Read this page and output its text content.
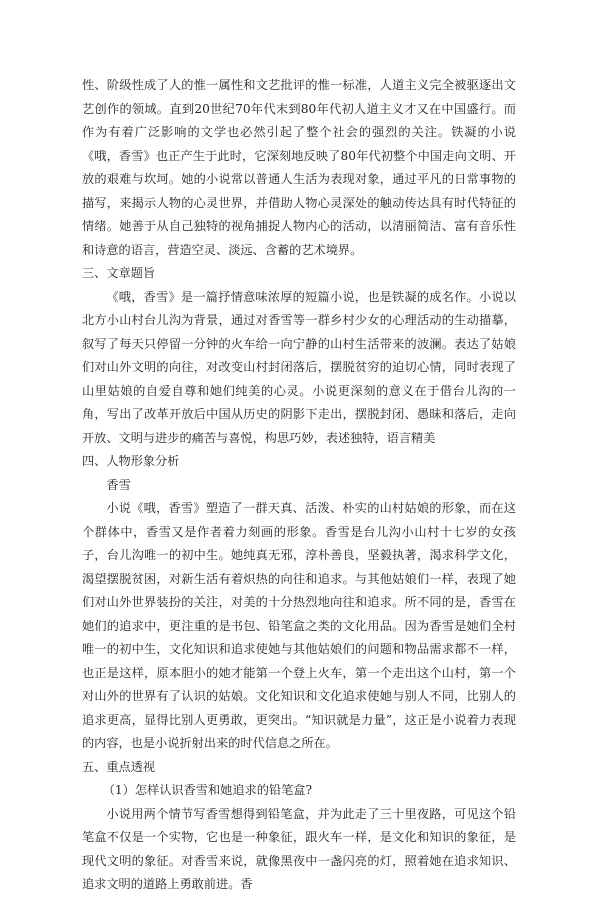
性、阶级性成了人的惟一属性和文艺批评的惟一标准，人道主义完全被驱逐出文艺创作的领域。直到20世纪70年代末到80年代初人道主义才又在中国盛行。而作为有着广泛影响的文学也必然引起了整个社会的强烈的关注。铁凝的小说《哦，香雪》也正产生于此时，它深刻地反映了80年代初整个中国走向文明、开放的艰难与坎坷。她的小说常以普通人生活为表现对象，通过平凡的日常事物的描写，来揭示人物的心灵世界，并借助人物心灵深处的触动传达具有时代特征的情绪。她善于从自己独特的视角捕捉人物内心的活动，以清丽简洁、富有音乐性和诗意的语言，营造空灵、淡远、含蓄的艺术境界。

三、文章题旨

《哦，香雪》是一篇抒情意味浓厚的短篇小说，也是铁凝的成名作。小说以北方小山村台儿沟为背景，通过对香雪等一群乡村少女的心理活动的生动描摹，叙写了每天只停留一分钟的火车给一向宁静的山村生活带来的波澜。表达了姑娘们对山外文明的向往，对改变山村封闭落后，摆脱贫穷的迫切心情，同时表现了山里姑娘的自爱自尊和她们纯美的心灵。小说更深刻的意义在于借台儿沟的一角，写出了改革开放后中国从历史的阴影下走出，摆脱封闭、愚昧和落后，走向开放、文明与进步的痛苦与喜悦，构思巧妙，表述独特，语言精美

四、人物形象分析

香雪

小说《哦，香雪》塑造了一群天真、活泼、朴实的山村姑娘的形象，而在这个群体中，香雪又是作者着力刻画的形象。香雪是台儿沟小山村十七岁的女孩子，台儿沟唯一的初中生。她纯真无邪，淳朴善良，坚毅执著，渴求科学文化，渴望摆脱贫困，对新生活有着炽热的向往和追求。与其他姑娘们一样，表现了她们对山外世界装扮的关注，对美的十分热烈地向往和追求。所不同的是，香雪在她们的追求中，更注重的是书包、铅笔盒之类的文化用品。因为香雪是她们全村唯一的初中生，文化知识和追求使她与其他姑娘们的问题和物品需求都不一样，也正是这样，原本胆小的她才能第一个登上火车，第一个走出这个山村，第一个对山外的世界有了认识的姑娘。文化知识和文化追求使她与别人不同，比别人的追求更高，显得比别人更勇敢，更突出。“知识就是力量”，这正是小说着力表现的内容，也是小说折射出来的时代信息之所在。

五、重点透视

（1）怎样认识香雪和她追求的铅笔盒?

小说用两个情节写香雪想得到铅笔盒，并为此走了三十里夜路，可见这个铅笔盒不仅是一个实物，它也是一种象征，跟火车一样，是文化和知识的象征，是现代文明的象征。对香雪来说，就像黑夜中一盏闪亮的灯，照着她在追求知识、追求文明的道路上勇敢前进。香
